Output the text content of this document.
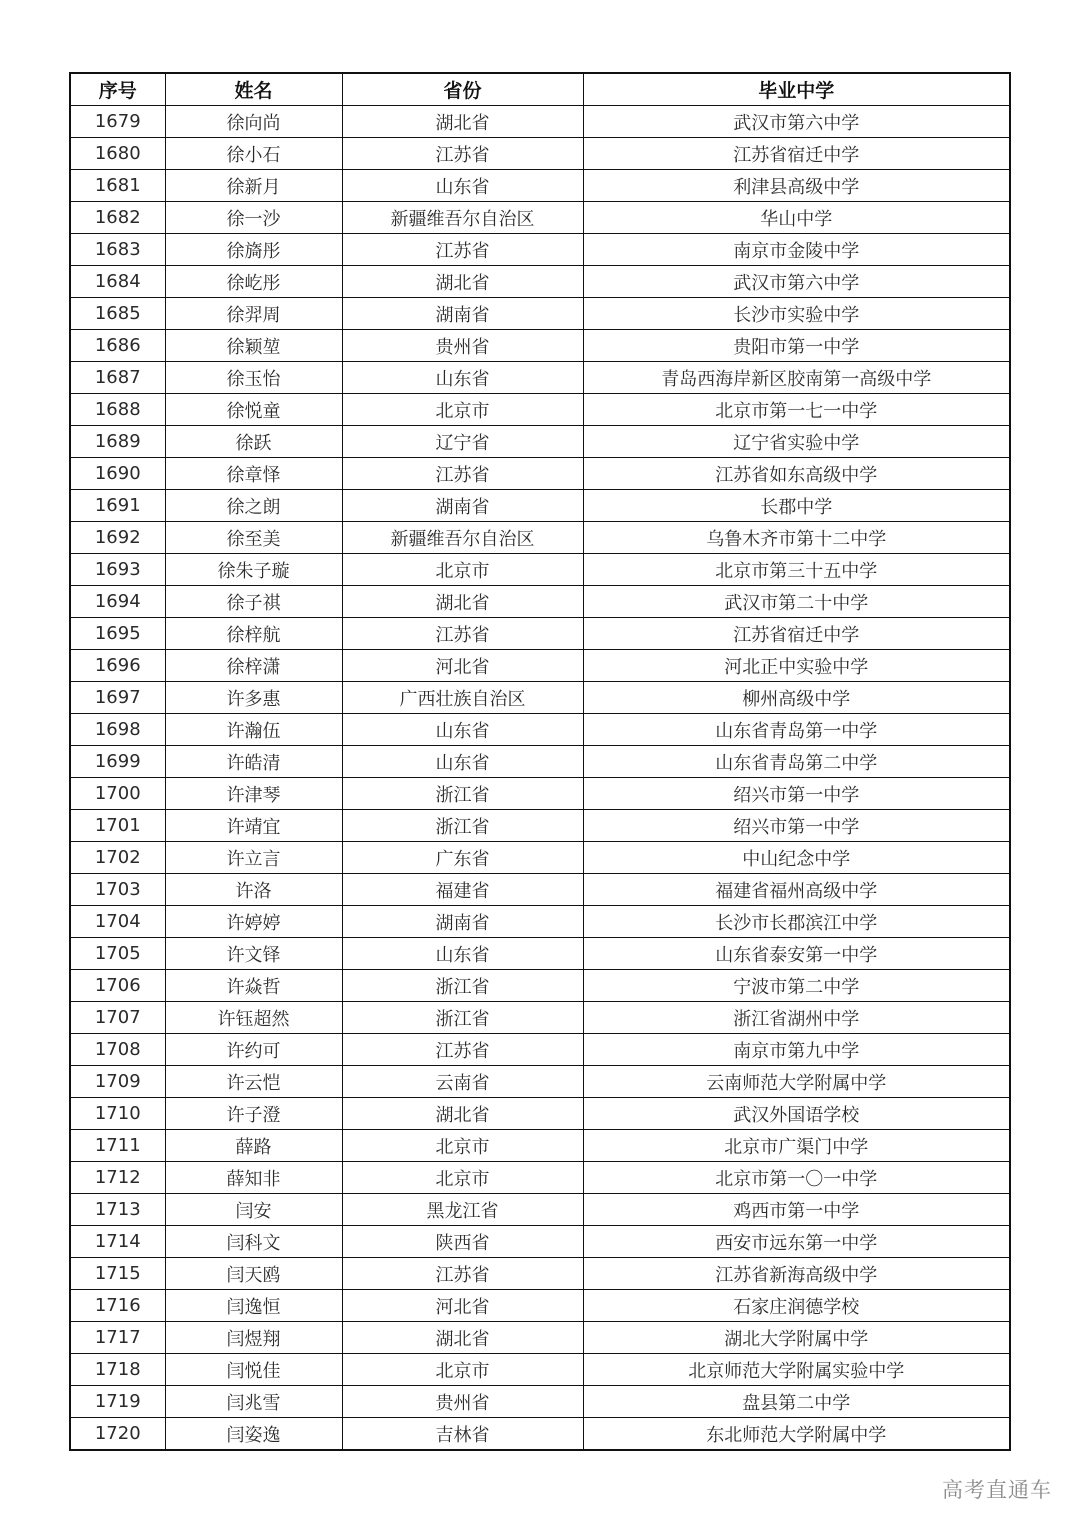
序号	姓名	省份	毕业中学
1679	徐向尚	湖北省	武汉市第六中学
1680	徐小石	江苏省	江苏省宿迁中学
1681	徐新月	山东省	利津县高级中学
1682	徐一沙	新疆维吾尔自治区	华山中学
1683	徐旖彤	江苏省	南京市金陵中学
1684	徐屹彤	湖北省	武汉市第六中学
1685	徐羿周	湖南省	长沙市实验中学
1686	徐颖堃	贵州省	贵阳市第一中学
1687	徐玉怡	山东省	青岛西海岸新区胶南第一高级中学
1688	徐悦童	北京市	北京市第一七一中学
1689	徐跃	辽宁省	辽宁省实验中学
1690	徐章怿	江苏省	江苏省如东高级中学
1691	徐之朗	湖南省	长郡中学
1692	徐至美	新疆维吾尔自治区	乌鲁木齐市第十二中学
1693	徐朱子璇	北京市	北京市第三十五中学
1694	徐子祺	湖北省	武汉市第二十中学
1695	徐梓航	江苏省	江苏省宿迁中学
1696	徐梓潇	河北省	河北正中实验中学
1697	许多惠	广西壮族自治区	柳州高级中学
1698	许瀚伍	山东省	山东省青岛第一中学
1699	许皓清	山东省	山东省青岛第二中学
1700	许津琴	浙江省	绍兴市第一中学
1701	许靖宜	浙江省	绍兴市第一中学
1702	许立言	广东省	中山纪念中学
1703	许洛	福建省	福建省福州高级中学
1704	许婷婷	湖南省	长沙市长郡滨江中学
1705	许文铎	山东省	山东省泰安第一中学
1706	许焱哲	浙江省	宁波市第二中学
1707	许钰超然	浙江省	浙江省湖州中学
1708	许约可	江苏省	南京市第九中学
1709	许云恺	云南省	云南师范大学附属中学
1710	许子澄	湖北省	武汉外国语学校
1711	薛路	北京市	北京市广渠门中学
1712	薛知非	北京市	北京市第一〇一中学
1713	闫安	黑龙江省	鸡西市第一中学
1714	闫科文	陕西省	西安市远东第一中学
1715	闫天鸥	江苏省	江苏省新海高级中学
1716	闫逸恒	河北省	石家庄润德学校
1717	闫煜翔	湖北省	湖北大学附属中学
1718	闫悦佳	北京市	北京师范大学附属实验中学
1719	闫兆雪	贵州省	盘县第二中学
1720	闫姿逸	吉林省	东北师范大学附属中学
高考直通车
